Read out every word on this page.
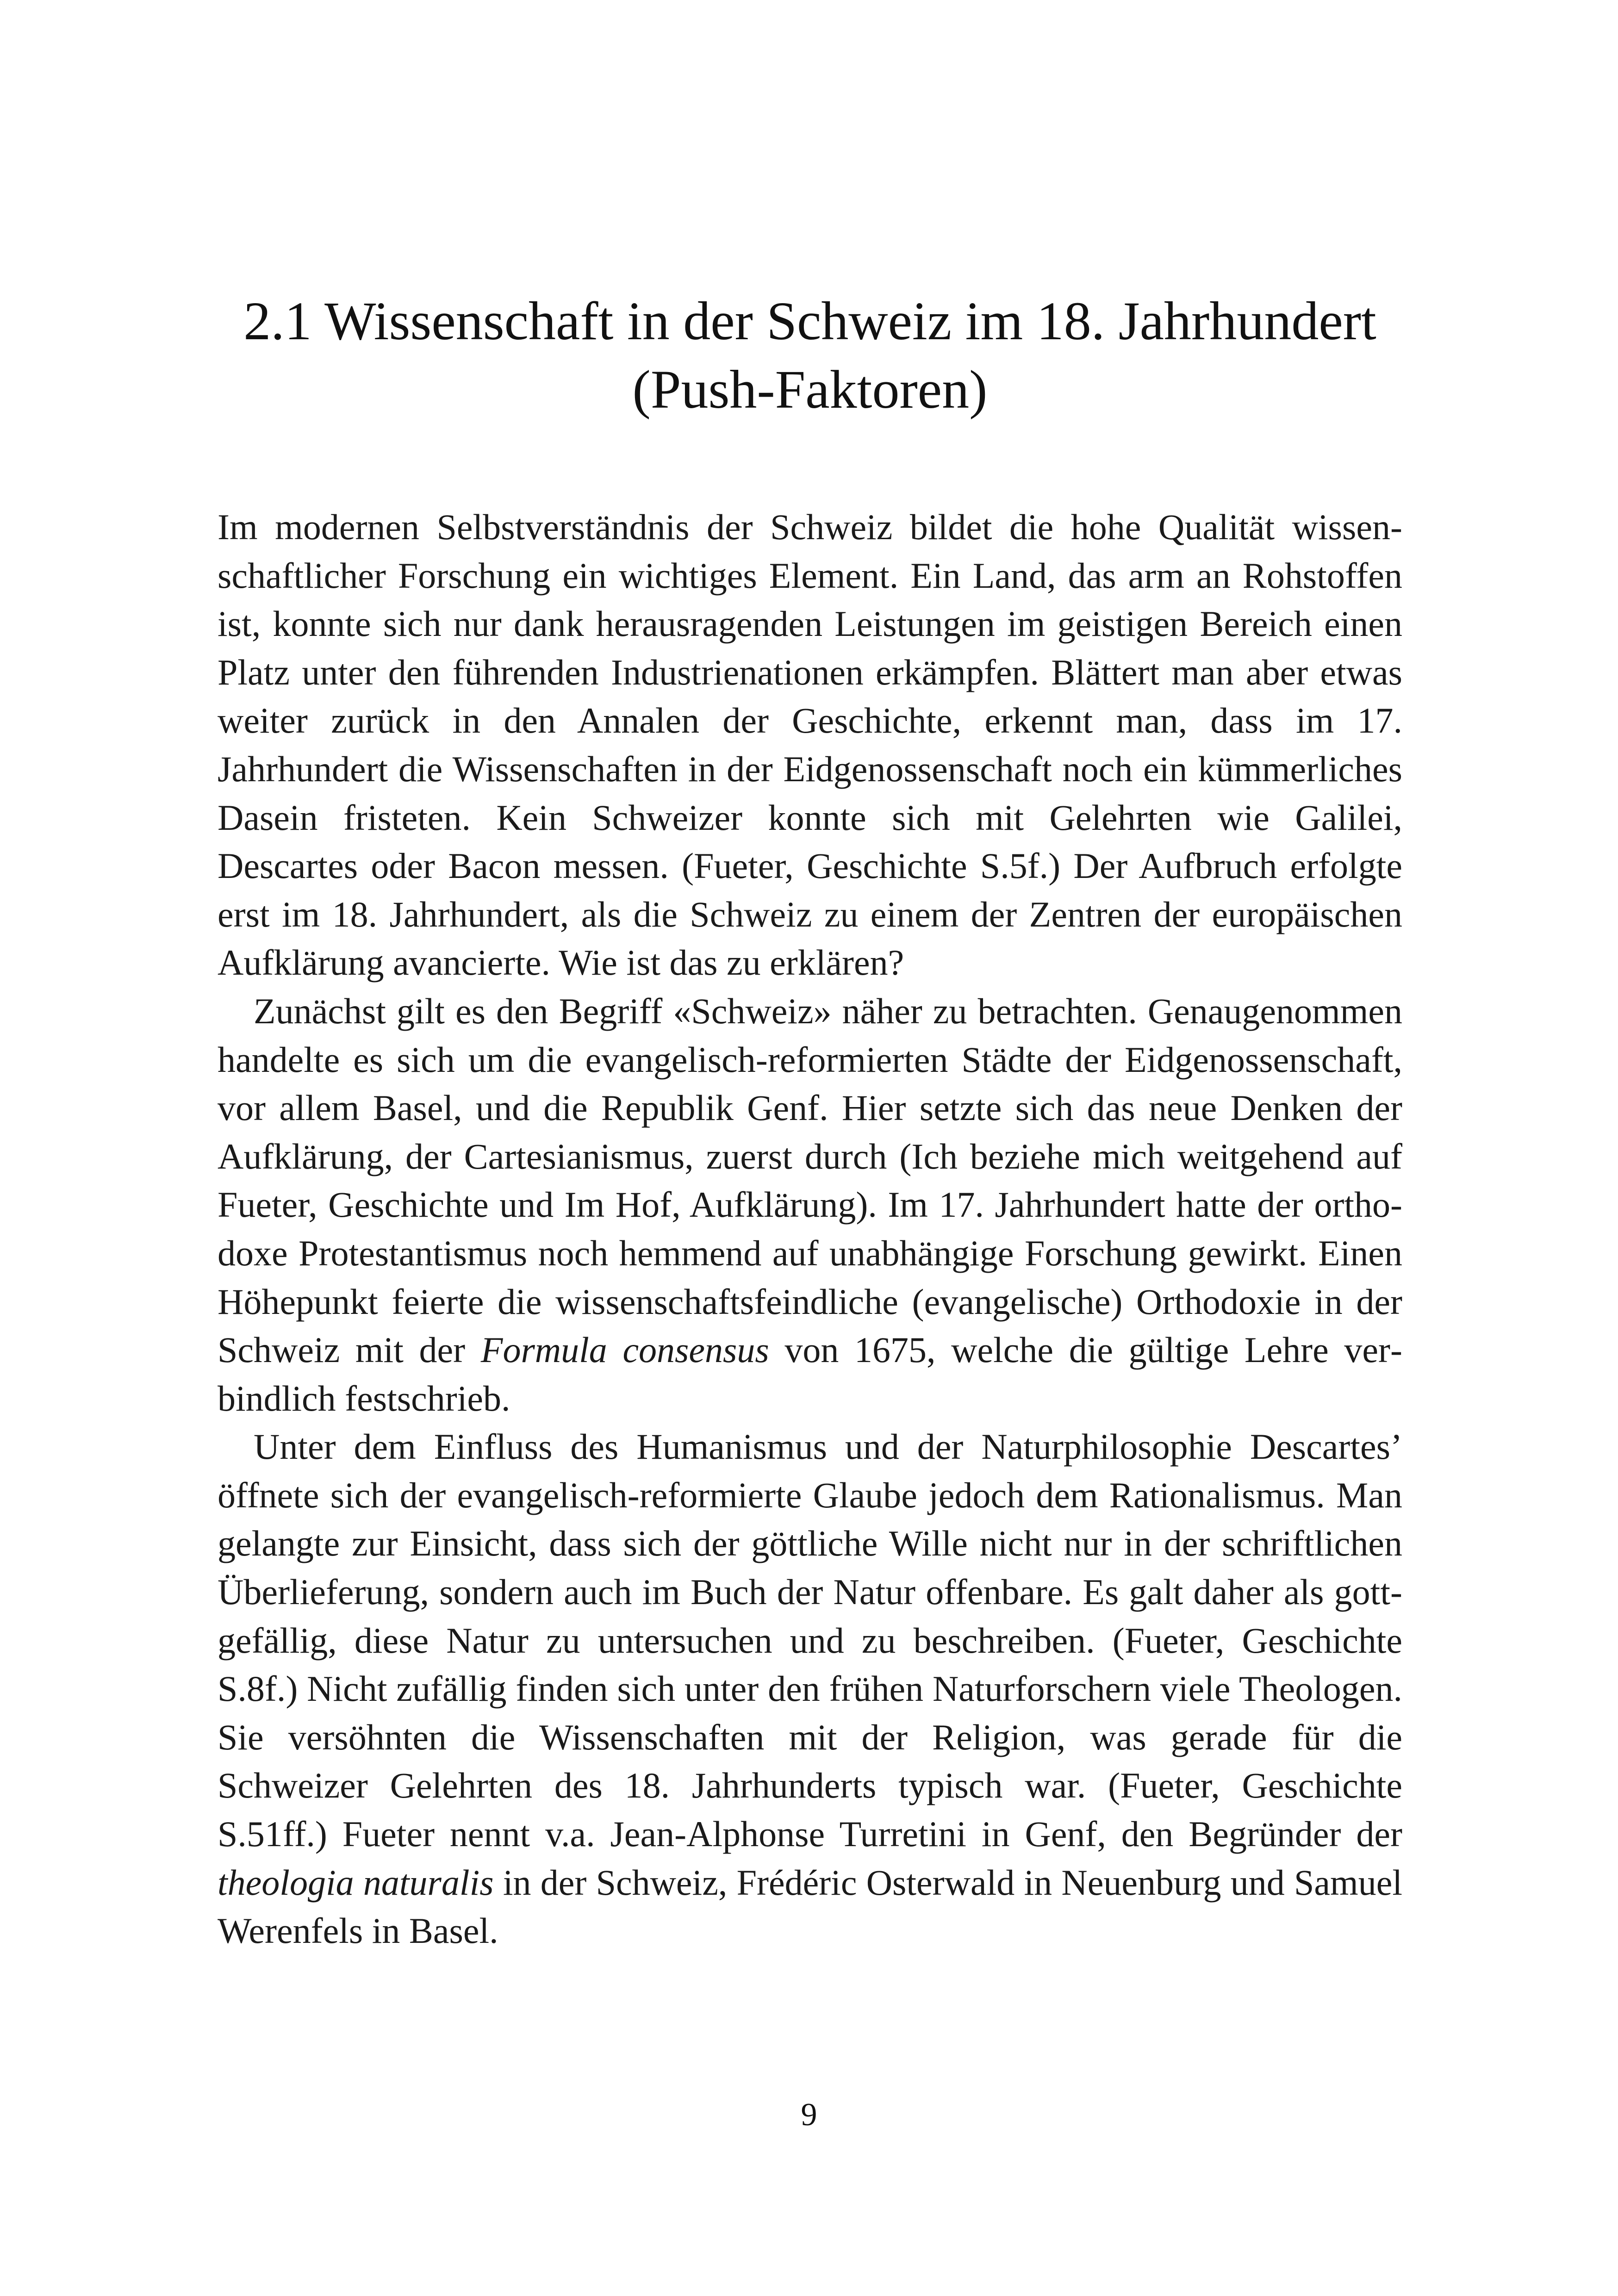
2.1 Wissenschaft in der Schweiz im 18. Jahrhundert
(Push-Faktoren)

Im modernen Selbstverständnis der Schweiz bildet die hohe Qualität wissenschaftlicher Forschung ein wichtiges Element. Ein Land, das arm an Rohstoffen ist, konnte sich nur dank herausragenden Leistungen im geistigen Bereich einen Platz unter den führenden Industrienationen erkämpfen. Blättert man aber etwas weiter zurück in den Annalen der Geschichte, erkennt man, dass im 17. Jahrhundert die Wissenschaften in der Eidgenossenschaft noch ein kümmerliches Dasein fristeten. Kein Schweizer konnte sich mit Gelehrten wie Galilei, Descartes oder Bacon messen. (Fueter, Geschichte S.5f.) Der Aufbruch erfolgte erst im 18. Jahrhundert, als die Schweiz zu einem der Zentren der europäischen Aufklärung avancierte. Wie ist das zu erklären?

Zunächst gilt es den Begriff «Schweiz» näher zu betrachten. Genaugenommen handelte es sich um die evangelisch-reformierten Städte der Eidgenossenschaft, vor allem Basel, und die Republik Genf. Hier setzte sich das neue Denken der Aufklärung, der Cartesianismus, zuerst durch (Ich beziehe mich weitgehend auf Fueter, Geschichte und Im Hof, Aufklärung). Im 17. Jahrhundert hatte der orthodoxe Protestantismus noch hemmend auf unabhängige Forschung gewirkt. Einen Höhepunkt feierte die wissenschaftsfeindliche (evangelische) Orthodoxie in der Schweiz mit der Formula consensus von 1675, welche die gültige Lehre verbindlich festschrieb.

Unter dem Einfluss des Humanismus und der Naturphilosophie Descartes’ öffnete sich der evangelisch-reformierte Glaube jedoch dem Rationalismus. Man gelangte zur Einsicht, dass sich der göttliche Wille nicht nur in der schriftlichen Überlieferung, sondern auch im Buch der Natur offenbare. Es galt daher als gottgefällig, diese Natur zu untersuchen und zu beschreiben. (Fueter, Geschichte S.8f.) Nicht zufällig finden sich unter den frühen Naturforschern viele Theologen. Sie versöhnten die Wissenschaften mit der Religion, was gerade für die Schweizer Gelehrten des 18. Jahrhunderts typisch war. (Fueter, Geschichte S.51ff.) Fueter nennt v.a. Jean-Alphonse Turretini in Genf, den Begründer der theologia naturalis in der Schweiz, Frédéric Osterwald in Neuenburg und Samuel Werenfels in Basel.

9
